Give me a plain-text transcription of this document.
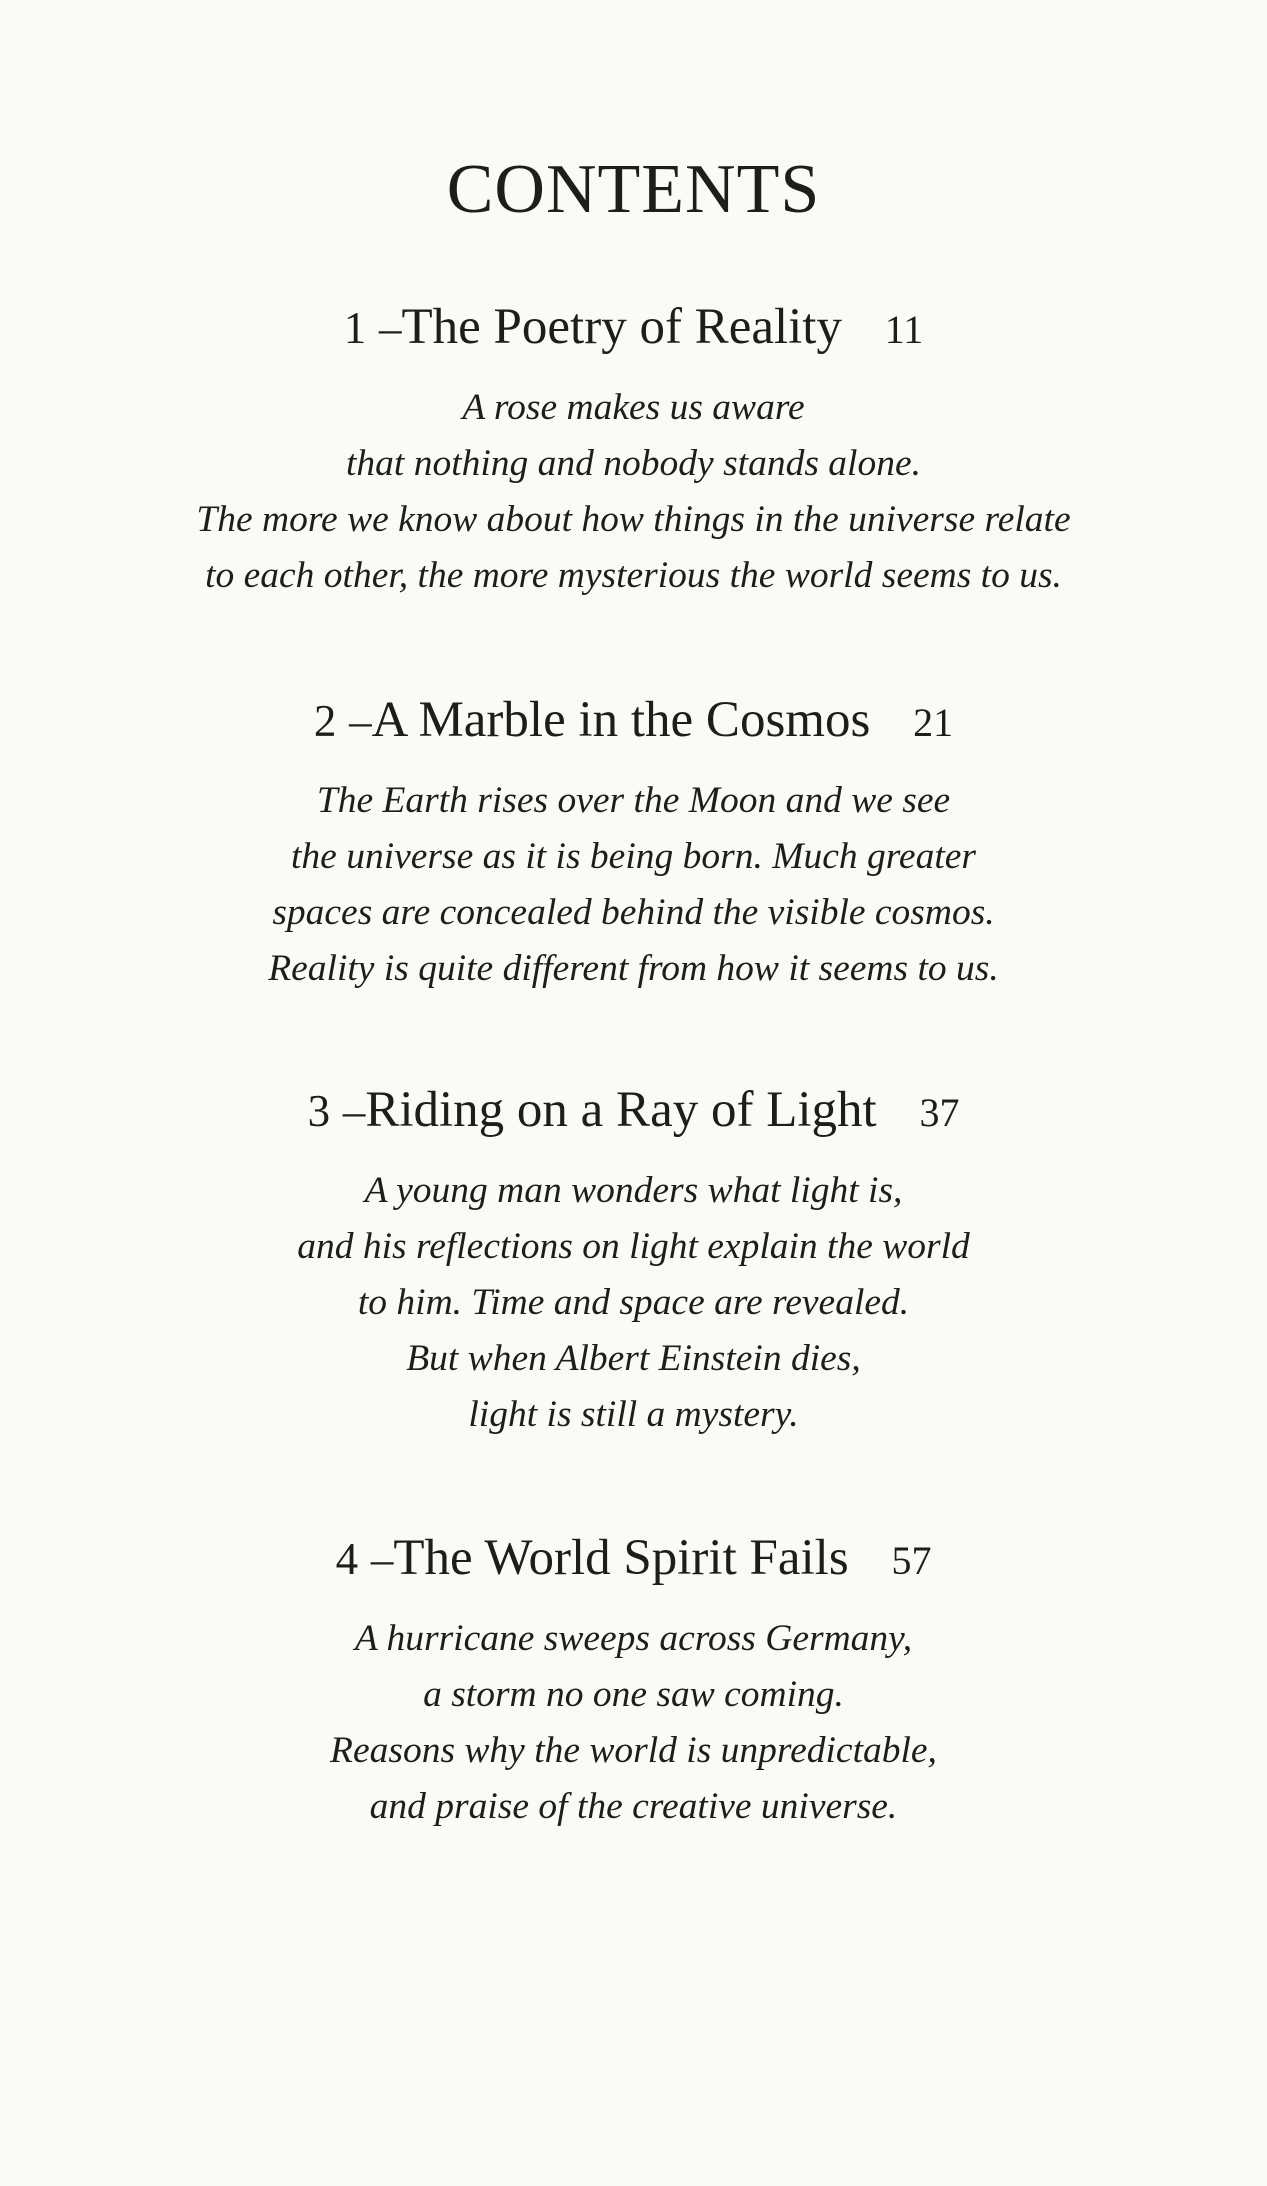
CONTENTS
1 –The Poetry of Reality 11
A rose makes us aware
that nothing and nobody stands alone.
The more we know about how things in the universe relate
to each other, the more mysterious the world seems to us.
2 –A Marble in the Cosmos 21
The Earth rises over the Moon and we see
the universe as it is being born. Much greater
spaces are concealed behind the visible cosmos.
Reality is quite different from how it seems to us.
3 –Riding on a Ray of Light 37
A young man wonders what light is,
and his reflections on light explain the world
to him. Time and space are revealed.
But when Albert Einstein dies,
light is still a mystery.
4 –The World Spirit Fails 57
A hurricane sweeps across Germany,
a storm no one saw coming.
Reasons why the world is unpredictable,
and praise of the creative universe.
